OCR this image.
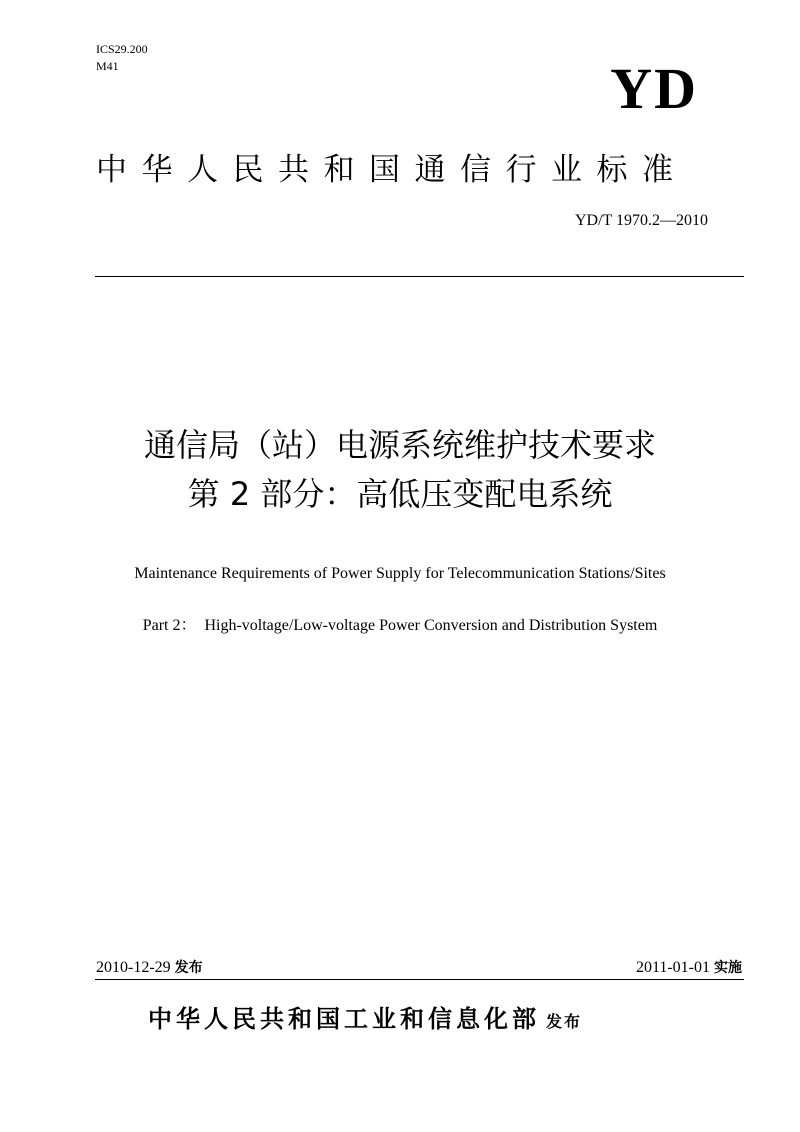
ICS29.200
M41	YD
中华人民共和国通信行业标准
YD/T 1970.2—2010
通信局（站）电源系统维护技术要求
第 2 部分：高低压变配电系统
Maintenance Requirements of Power Supply for Telecommunication Stations/Sites
Part 2：  High-voltage/Low-voltage Power Conversion and Distribution System
2010-12-29 发布	2011-01-01 实施
中华人民共和国工业和信息化部 发布
